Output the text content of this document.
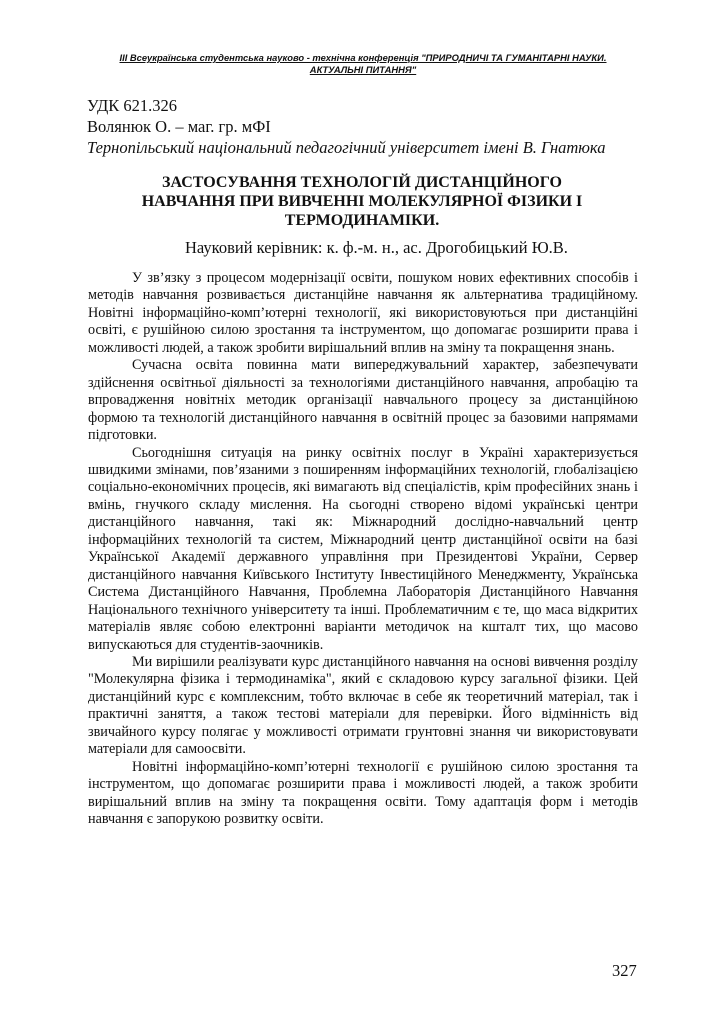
ІІІ Всеукраїнська студентська науково - технічна конференція "ПРИРОДНИЧІ ТА ГУМАНІТАРНІ НАУКИ.
АКТУАЛЬНІ ПИТАННЯ"
УДК 621.326
Волянюк О. – маг. гр. мФІ
Тернопільський національний педагогічний університет імені В. Гнатюка
ЗАСТОСУВАННЯ ТЕХНОЛОГІЙ ДИСТАНЦІЙНОГО
НАВЧАННЯ ПРИ ВИВЧЕННІ МОЛЕКУЛЯРНОЇ ФІЗИКИ І
ТЕРМОДИНАМІКИ.
Науковий керівник: к. ф.-м. н., ас. Дрогобицький Ю.В.

У зв’язку з процесом модернізації освіти, пошуком нових ефективних способів і методів навчання розвивається дистанційне навчання як альтернатива традиційному. Новітні інформаційно-комп’ютерні технології, які використовуються при дистанційні освіті, є рушійною силою зростання та інструментом, що допомагає розширити права і можливості людей, а також зробити вирішальний вплив на зміну та покращення знань.

Сучасна освіта повинна мати випереджувальний характер, забезпечувати здійснення освітньої діяльності за технологіями дистанційного навчання, апробацію та впровадження новітніх методик організації навчального процесу за дистанційною формою та технологій дистанційного навчання в освітній процес за базовими напрямами підготовки.

Сьогоднішня ситуація на ринку освітніх послуг в Україні характеризується швидкими змінами, пов’язаними з поширенням інформаційних технологій, глобалізацією соціально-економічних процесів, які вимагають від спеціалістів, крім професійних знань і вмінь, гнучкого складу мислення. На сьогодні створено відомі українські центри дистанційного навчання, такі як: Міжнародний дослідно-навчальний центр інформаційних технологій та систем, Міжнародний центр дистанційної освіти на базі Української Академії державного управління при Президентові України, Сервер дистанційного навчання Київського Інституту Інвестиційного Менеджменту, Українська Система Дистанційного Навчання, Проблемна Лабораторія Дистанційного Навчання Національного технічного університету та інші. Проблематичним є те, що маса відкритих матеріалів являє собою електронні варіанти методичок на кшталт тих, що масово випускаються для студентів-заочників.

Ми вирішили реалізувати курс дистанційного навчання на основі вивчення розділу "Молекулярна фізика і термодинаміка", який є складовою курсу загальної фізики. Цей дистанційний курс є комплексним, тобто включає в себе як теоретичний матеріал, так і практичні заняття, а також тестові матеріали для перевірки. Його відмінність від звичайного курсу полягає у можливості отримати грунтовні знання чи використовувати матеріали для самоосвіти.

Новітні інформаційно-комп’ютерні технології є рушійною силою зростання та інструментом, що допомагає розширити права і можливості людей, а також зробити вирішальний вплив на зміну та покращення освіти. Тому адаптація форм і методів навчання є запорукою розвитку освіти.

327
